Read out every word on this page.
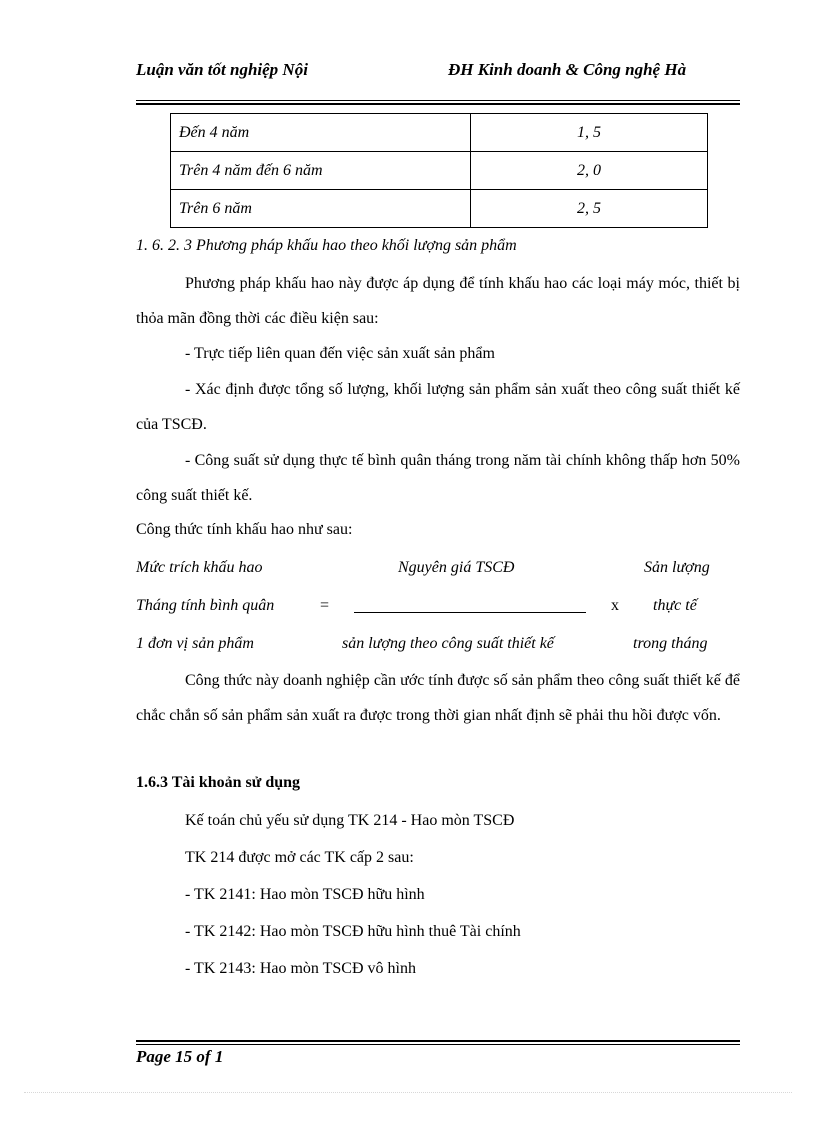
Luận văn tốt nghiệp Nội	ĐH Kinh doanh & Công nghệ Hà
Đến 4 năm	1, 5
Trên 4 năm đến 6 năm	2, 0
Trên 6 năm	2, 5
1. 6. 2. 3 Phương pháp khấu hao theo khối lượng sản phẩm
Phương pháp khấu hao này được áp dụng để tính khấu hao các loại máy móc, thiết bị thỏa mãn đồng thời các điều kiện sau:
- Trực tiếp liên quan đến việc sản xuất sản phẩm
- Xác định được tổng số lượng, khối lượng sản phẩm sản xuất theo công suất thiết kế của TSCĐ.
- Công suất sử dụng thực tế bình quân tháng trong năm tài chính không thấp hơn 50% công suất thiết kế.
Công thức tính khấu hao như sau:
Mức trích khấu hao	Nguyên giá TSCĐ	Sản lượng
Tháng tính bình quân	=	x thực tế
1 đơn vị sản phẩm	sản lượng theo công suất thiết kế	trong tháng
Công thức này doanh nghiệp cần ước tính được số sản phẩm theo công suất thiết kế để chắc chắn số sản phẩm sản xuất ra được trong thời gian nhất định sẽ phải thu hồi được vốn.
1.6.3 Tài khoản sử dụng
Kế toán chủ yếu sử dụng TK 214 - Hao mòn TSCĐ
TK 214 được mở các TK cấp 2 sau:
- TK 2141: Hao mòn TSCĐ hữu hình
- TK 2142: Hao mòn TSCĐ hữu hình thuê Tài chính
- TK 2143: Hao mòn TSCĐ vô hình
Page 15 of 1
